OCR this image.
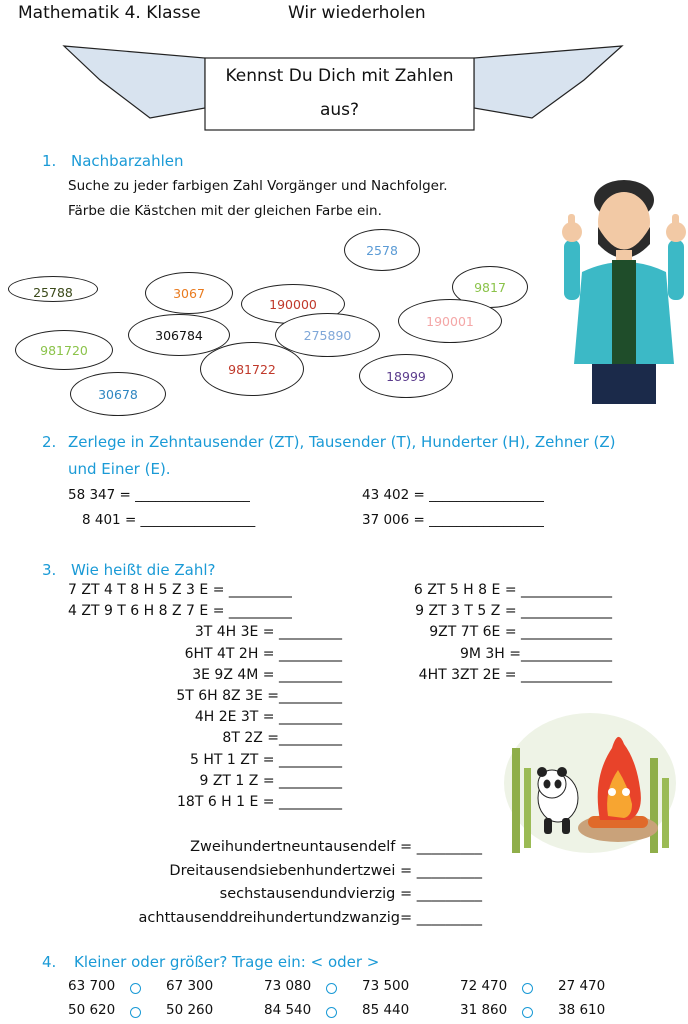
Mathematik 4. Klasse	Wir wiederholen
Kennst Du Dich mit Zahlen
aus?
1. Nachbarzahlen
Suche zu jeder farbigen Zahl Vorgänger und Nachfolger.
Färbe die Kästchen mit der gleichen Farbe ein.
2578
25788	3067
190000
9817
190001
306784	275890
981720
981722	18999
30678
2. Zerlege in Zehntausender (ZT), Tausender (T), Hunderter (H), Zehner (Z)
und Einer (E).
58 347 = _________________	43 402 = _________________
8 401 = _________________	37 006 = _________________
3. Wie heißt die Zahl?
7 ZT 4 T 8 H 5 Z 3 E = _________
4 ZT 9 T 6 H 8 Z 7 E = _________
3T 4H 3E = _________
6HT 4T 2H = _________
3E 9Z 4M = _________
5T 6H 8Z 3E =_________
4H 2E 3T = _________
8T 2Z =_________
5 HT 1 ZT = _________
9 ZT 1 Z = _________
18T 6 H 1 E = _________
6 ZT 5 H 8 E = _____________
9 ZT 3 T 5 Z = _____________
9ZT 7T 6E = _____________
9M 3H =_____________
4HT 3ZT 2E = _____________
Zweihundertneuntausendelf = _________
Dreitausendsiebenhundertzwei = _________
sechstausendundvierzig = _________
achttausenddreihundertundzwanzig= _________
4. Kleiner oder größer? Trage ein: < oder >
63 700	67 300	73 080	73 500	72 470	27 470
50 620	50 260	84 540	85 440	31 860	38 610
